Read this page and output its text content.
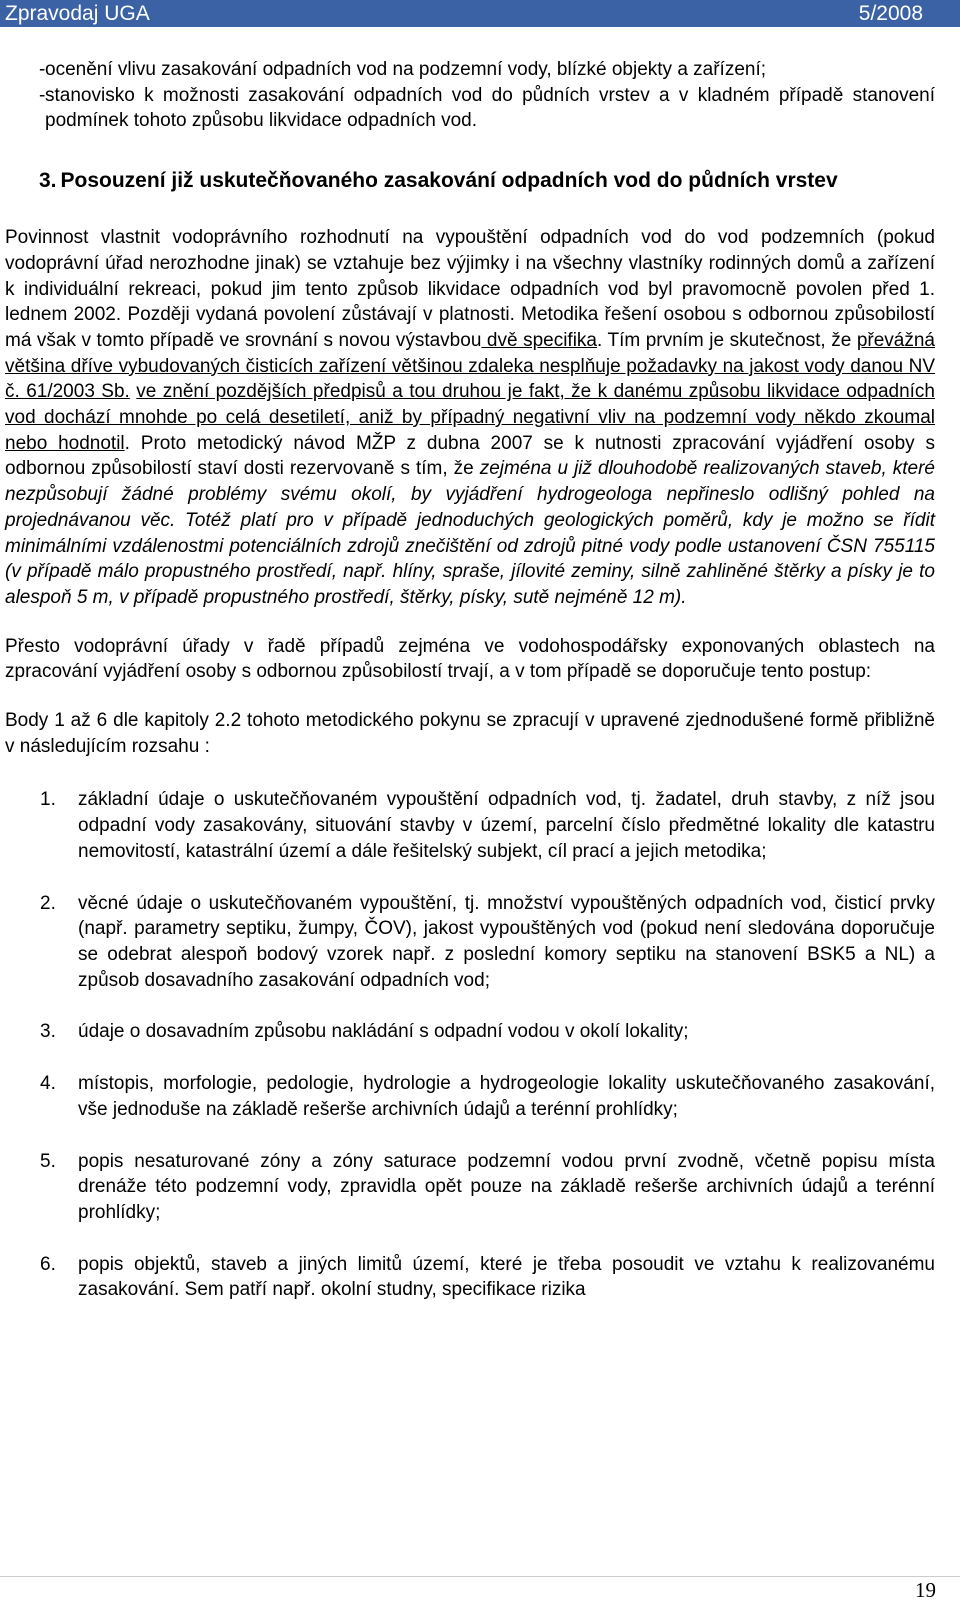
Zpravodaj UGA	5/2008
- ocenění vlivu zasakování odpadních vod na podzemní vody, blízké objekty a zařízení;
- stanovisko k možnosti zasakování odpadních vod do půdních vrstev a v kladném případě stanovení podmínek tohoto způsobu likvidace odpadních vod.
3. Posouzení již uskutečňovaného zasakování odpadních vod do půdních vrstev

Povinnost vlastnit vodoprávního rozhodnutí na vypouštění odpadních vod do vod podzemních (pokud vodoprávní úřad nerozhodne jinak) se vztahuje bez výjimky i na všechny vlastníky rodinných domů a zařízení k individuální rekreaci, pokud jim tento způsob likvidace odpadních vod byl pravomocně povolen před 1. lednem 2002. Později vydaná povolení zůstávají v platnosti. Metodika řešení osobou s odbornou způsobilostí má však v tomto případě ve srovnání s novou výstavbou dvě specifika. Tím prvním je skutečnost, že převážná většina dříve vybudovaných čisticích zařízení většinou zdaleka nesplňuje požadavky na jakost vody danou NV č. 61/2003 Sb. ve znění pozdějších předpisů a tou druhou je fakt, že k danému způsobu likvidace odpadních vod dochází mnohde po celá desetiletí, aniž by případný negativní vliv na podzemní vody někdo zkoumal nebo hodnotil. Proto metodický návod MŽP z dubna 2007 se k nutnosti zpracování vyjádření osoby s odbornou způsobilostí staví dosti rezervovaně s tím, že zejména u již dlouhodobě realizovaných staveb, které nezpůsobují žádné problémy svému okolí, by vyjádření hydrogeologa nepřineslo odlišný pohled na projednávanou věc. Totéž platí pro v případě jednoduchých geologických poměrů, kdy je možno se řídit minimálními vzdálenostmi potenciálních zdrojů znečištění od zdrojů pitné vody podle ustanovení ČSN 755115 (v případě málo propustného prostředí, např. hlíny, spraše, jílovité zeminy, silně zahliněné štěrky a písky je to alespoň 5 m, v případě propustného prostředí, štěrky, písky, sutě nejméně 12 m).

Přesto vodoprávní úřady v řadě případů zejména ve vodohospodářsky exponovaných oblastech na zpracování vyjádření osoby s odbornou způsobilostí trvají, a v tom případě se doporučuje tento postup:

Body 1 až 6 dle kapitoly 2.2 tohoto metodického pokynu se zpracují v upravené zjednodušené formě přibližně v následujícím rozsahu :

1.	základní údaje o uskutečňovaném vypouštění odpadních vod, tj. žadatel, druh stavby, z níž jsou odpadní vody zasakovány, situování stavby v území, parcelní číslo předmětné lokality dle katastru nemovitostí, katastrální území a dále řešitelský subjekt, cíl prací a jejich metodika;
2.	věcné údaje o uskutečňovaném vypouštění, tj. množství vypouštěných odpadních vod, čisticí prvky (např. parametry septiku, žumpy, ČOV), jakost vypouštěných vod (pokud není sledována doporučuje se odebrat alespoň bodový vzorek např. z poslední komory septiku na stanovení BSK5 a NL) a způsob dosavadního zasakování odpadních vod;
3.	údaje o dosavadním způsobu nakládání s odpadní vodou v okolí lokality;
4.	místopis, morfologie, pedologie, hydrologie a hydrogeologie lokality uskutečňovaného zasakování, vše jednoduše na základě rešerše archivních údajů a terénní prohlídky;
5.	popis nesaturované zóny a zóny saturace podzemní vodou první zvodně, včetně popisu místa drenáže této podzemní vody, zpravidla opět pouze na základě rešerše archivních údajů a terénní prohlídky;
6.	popis objektů, staveb a jiných limitů území, které je třeba posoudit ve vztahu k realizovanému zasakování. Sem patří např. okolní studny, specifikace rizika
19
